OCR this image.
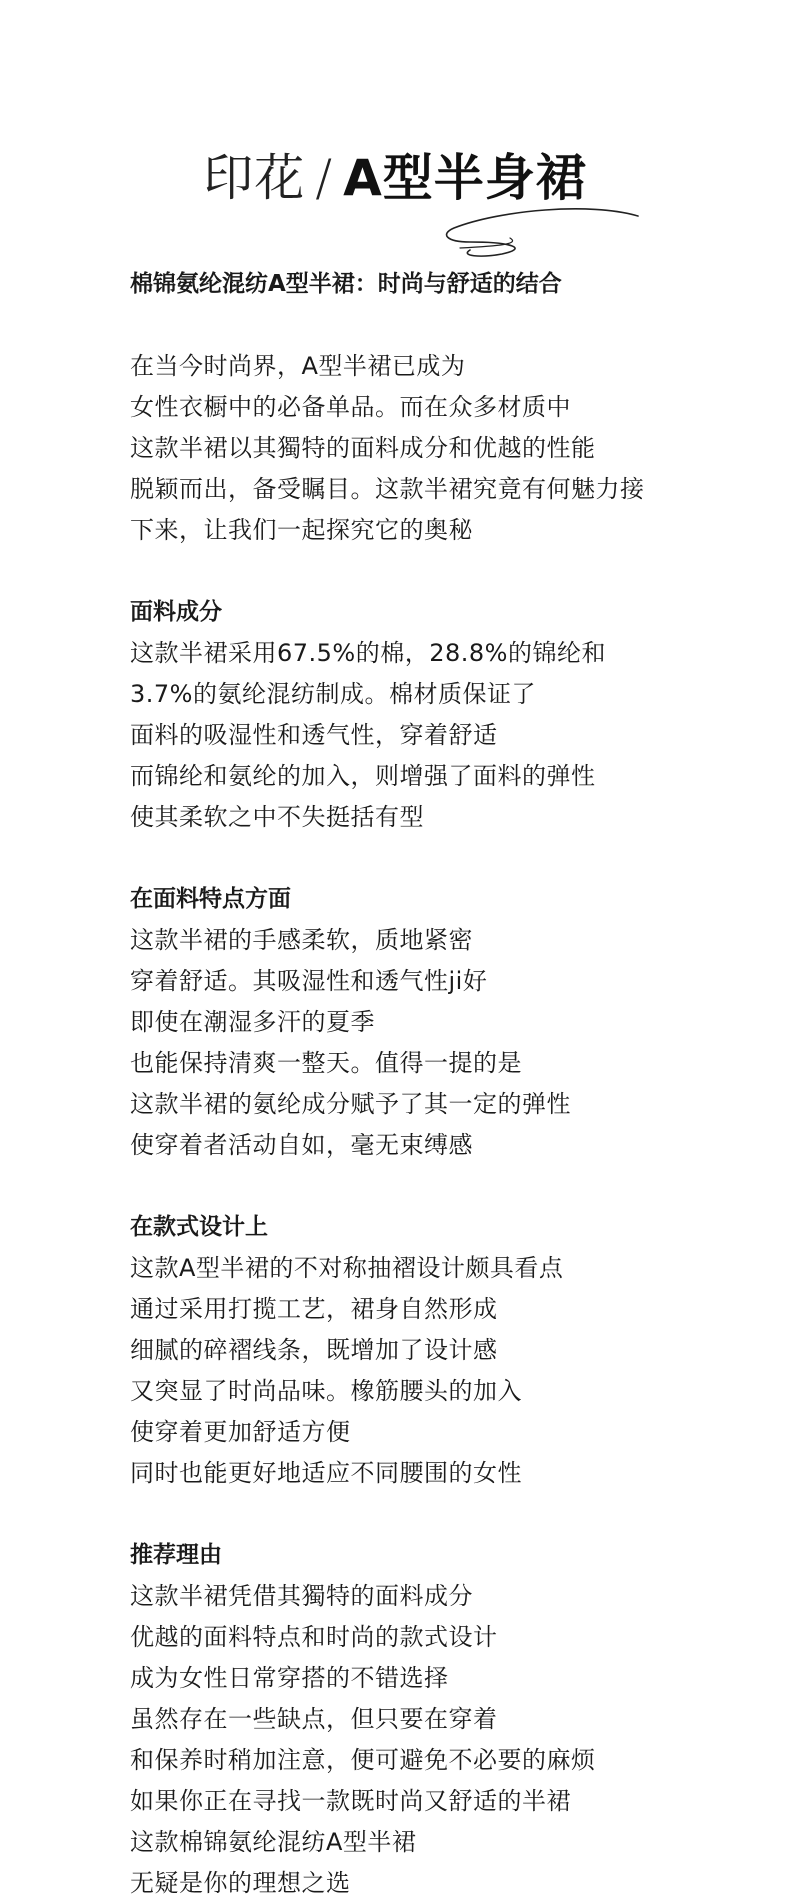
印花 / A型半身裙

棉锦氨纶混纺A型半裙：时尚与舒适的结合

在当今时尚界，A型半裙已成为

女性衣橱中的必备单品。而在众多材质中

这款半裙以其獨特的面料成分和优越的性能

脱颖而出，备受瞩目。这款半裙究竟有何魅力接

下来，让我们一起探究它的奥秘

面料成分

这款半裙采用67.5%的棉，28.8%的锦纶和

3.7%的氨纶混纺制成。棉材质保证了

面料的吸湿性和透气性，穿着舒适

而锦纶和氨纶的加入，则增强了面料的弹性

使其柔软之中不失挺括有型

在面料特点方面

这款半裙的手感柔软，质地紧密

穿着舒适。其吸湿性和透气性ji好

即使在潮湿多汗的夏季

也能保持清爽一整天。值得一提的是

这款半裙的氨纶成分赋予了其一定的弹性

使穿着者活动自如，毫无束缚感

在款式设计上

这款A型半裙的不对称抽褶设计颇具看点

通过采用打揽工艺，裙身自然形成

细腻的碎褶线条，既增加了设计感

又突显了时尚品味。橡筋腰头的加入

使穿着更加舒适方便

同时也能更好地适应不同腰围的女性

推荐理由

这款半裙凭借其獨特的面料成分

优越的面料特点和时尚的款式设计

成为女性日常穿搭的不错选择

虽然存在一些缺点，但只要在穿着

和保养时稍加注意，便可避免不必要的麻烦

如果你正在寻找一款既时尚又舒适的半裙

这款棉锦氨纶混纺A型半裙

无疑是你的理想之选
